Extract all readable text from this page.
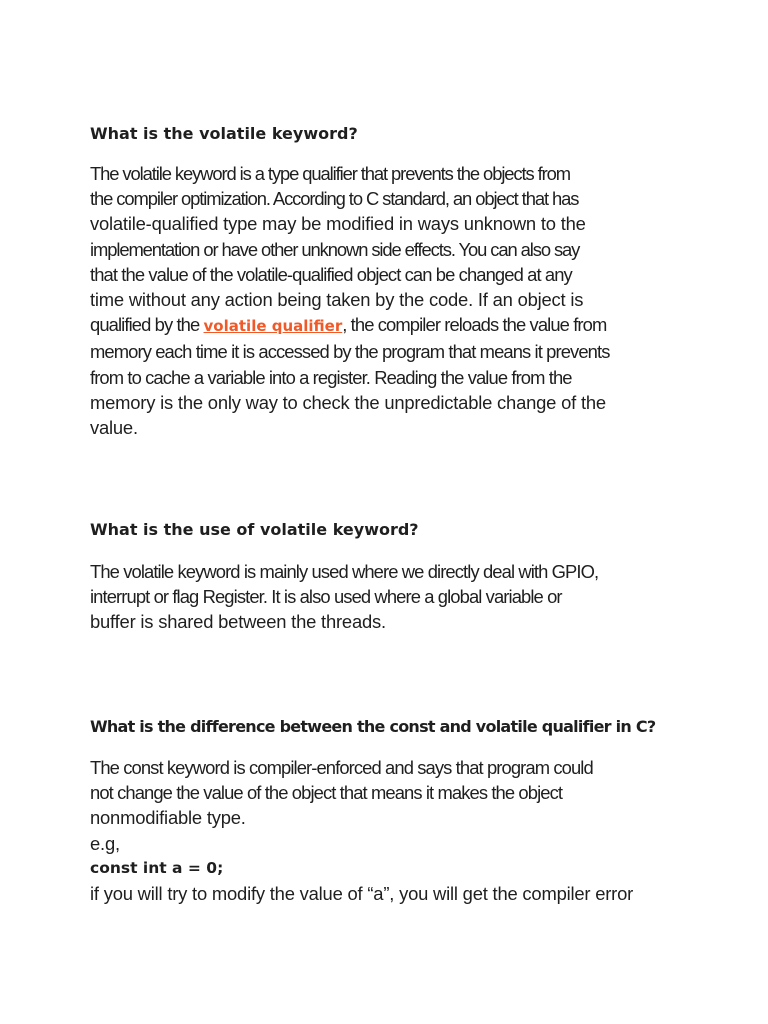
What is the volatile keyword?
The volatile keyword is a type qualifier that prevents the objects from
the compiler optimization. According to C standard, an object that has
volatile-qualified type may be modified in ways unknown to the
implementation or have other unknown side effects. You can also say
that the value of the volatile-qualified object can be changed at any
time without any action being taken by the code. If an object is
qualified by the volatile qualifier, the compiler reloads the value from
memory each time it is accessed by the program that means it prevents
from to cache a variable into a register. Reading the value from the
memory is the only way to check the unpredictable change of the
value.
What is the use of volatile keyword?
The volatile keyword is mainly used where we directly deal with GPIO,
interrupt or flag Register. It is also used where a global variable or
buffer is shared between the threads.
What is the difference between the const and volatile qualifier in C?
The const keyword is compiler-enforced and says that program could
not change the value of the object that means it makes the object
nonmodifiable type.
e.g,
const int a = 0;
if you will try to modify the value of “a”, you will get the compiler error
